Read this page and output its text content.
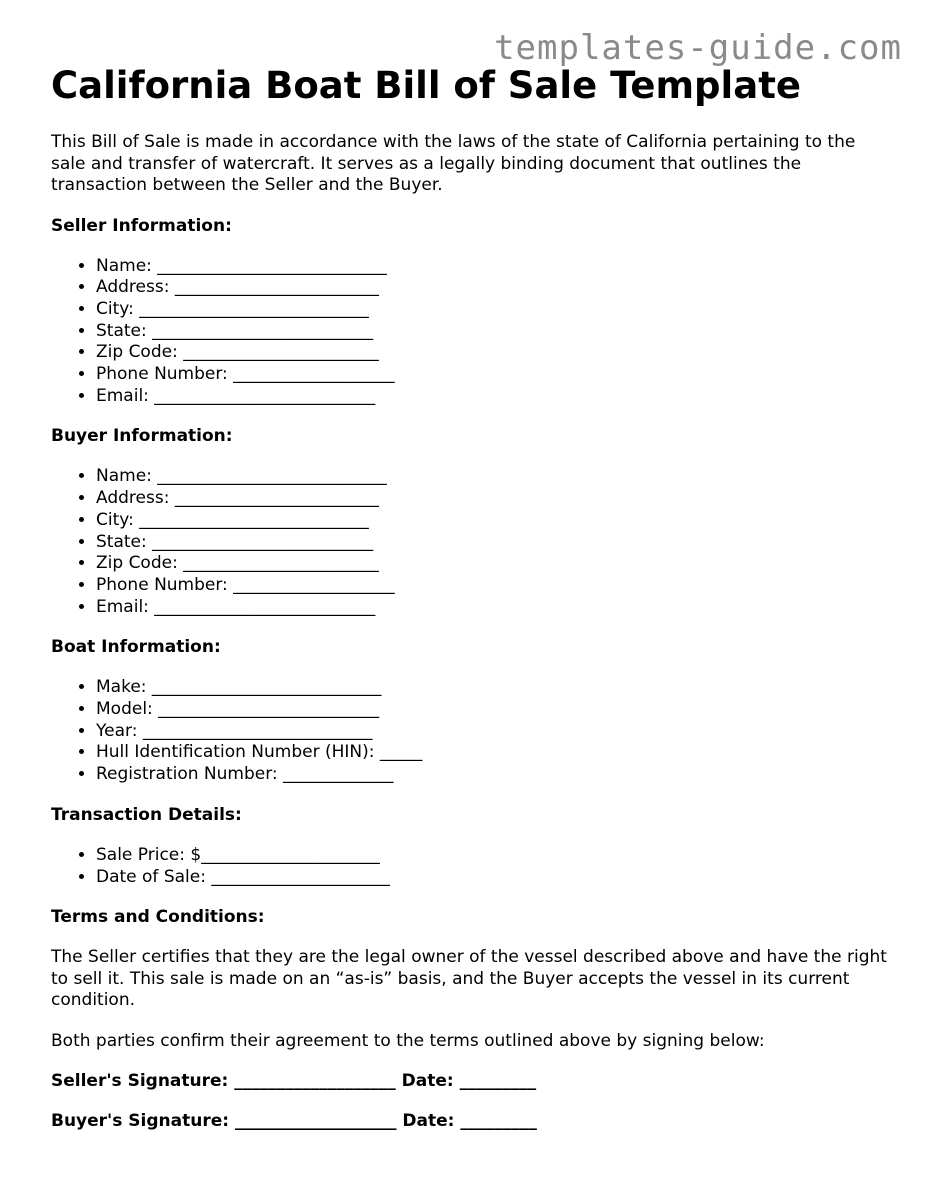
templates-guide.com
California Boat Bill of Sale Template

This Bill of Sale is made in accordance with the laws of the state of California pertaining to the sale and transfer of watercraft. It serves as a legally binding document that outlines the transaction between the Seller and the Buyer.

Seller Information:
• Name: ___________________________
• Address: ________________________
• City: ___________________________
• State: __________________________
• Zip Code: _______________________
• Phone Number: ___________________
• Email: __________________________
Buyer Information:
• Name: ___________________________
• Address: ________________________
• City: ___________________________
• State: __________________________
• Zip Code: _______________________
• Phone Number: ___________________
• Email: __________________________
Boat Information:
• Make: ___________________________
• Model: __________________________
• Year: ___________________________
• Hull Identification Number (HIN): _____
• Registration Number: _____________
Transaction Details:
• Sale Price: $_____________________
• Date of Sale: _____________________
Terms and Conditions:

The Seller certifies that they are the legal owner of the vessel described above and have the right to sell it. This sale is made on an “as-is” basis, and the Buyer accepts the vessel in its current condition.

Both parties confirm their agreement to the terms outlined above by signing below:

Seller's Signature: ___________________ Date: _________
Buyer's Signature: ___________________ Date: _________
